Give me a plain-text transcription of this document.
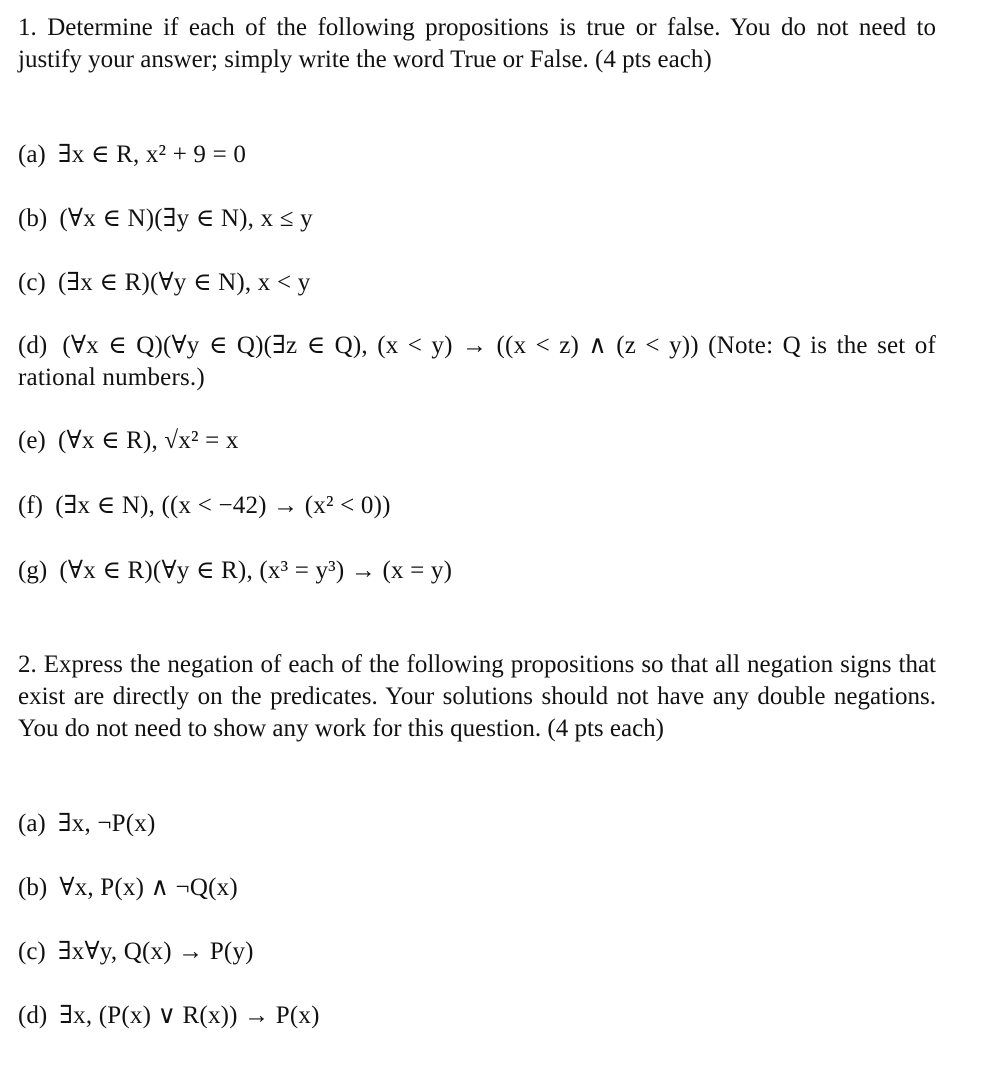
1. Determine if each of the following propositions is true or false. You do not need to justify your answer; simply write the word True or False. (4 pts each)
(a) ∃x ∈ R, x² + 9 = 0
(b) (∀x ∈ N)(∃y ∈ N), x ≤ y
(c) (∃x ∈ R)(∀y ∈ N), x < y
(d) (∀x ∈ Q)(∀y ∈ Q)(∃z ∈ Q), (x < y) → ((x < z) ∧ (z < y)) (Note: Q is the set of rational numbers.)
(e) (∀x ∈ R), √x² = x
(f) (∃x ∈ N), ((x < −42) → (x² < 0))
(g) (∀x ∈ R)(∀y ∈ R), (x³ = y³) → (x = y)
2. Express the negation of each of the following propositions so that all negation signs that exist are directly on the predicates. Your solutions should not have any double negations. You do not need to show any work for this question. (4 pts each)
(a) ∃x, ¬P(x)
(b) ∀x, P(x) ∧ ¬Q(x)
(c) ∃x∀y, Q(x) → P(y)
(d) ∃x, (P(x) ∨ R(x)) → P(x)
